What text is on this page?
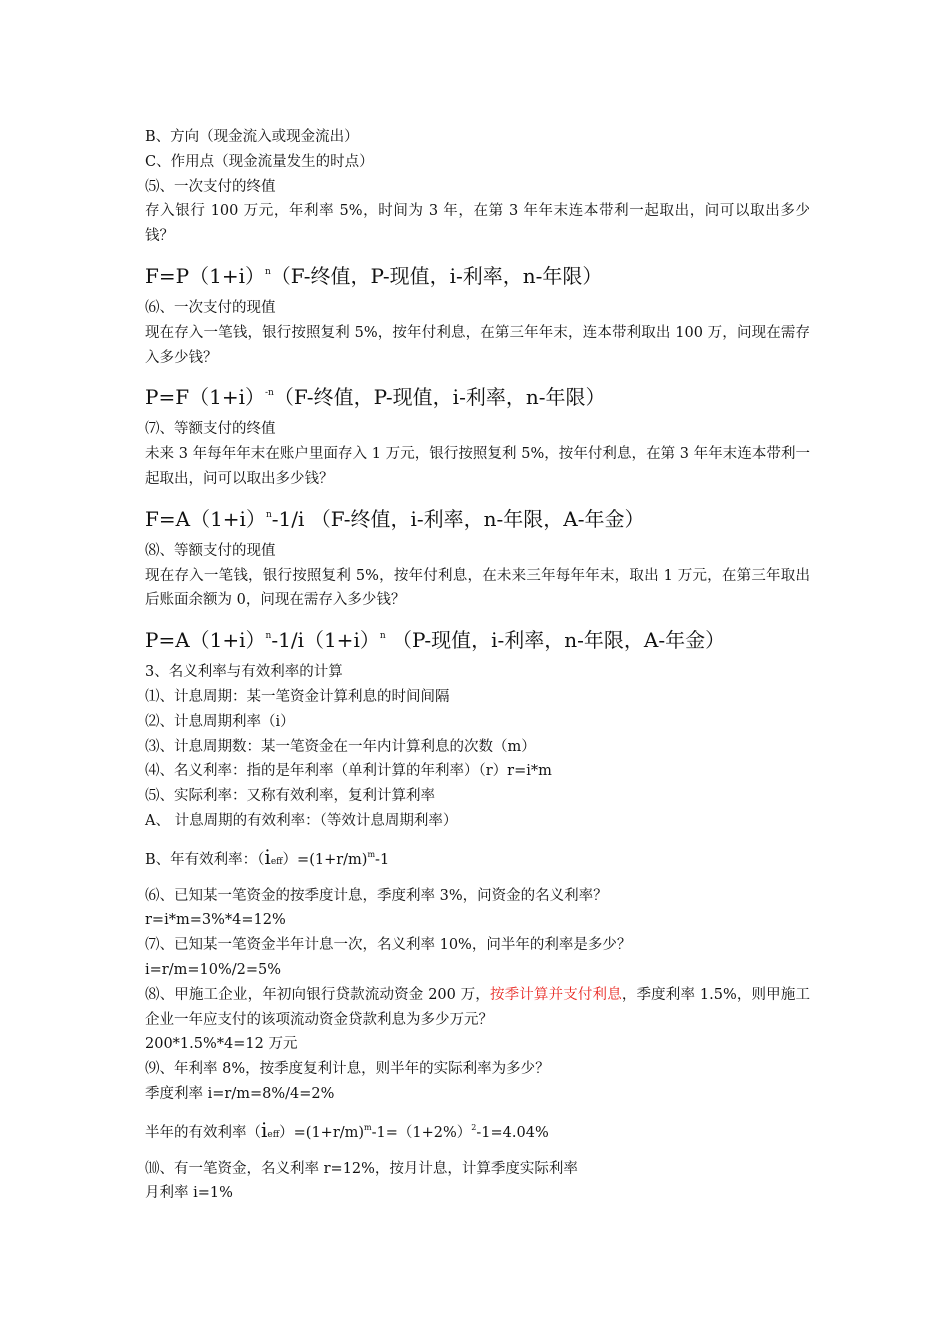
B、方向（现金流入或现金流出）

C、作用点（现金流量发生的时点）

⑸、一次支付的终值

存入银行 100 万元，年利率 5%，时间为 3 年，在第 3 年年末连本带利一起取出，问可以取出多少钱？

$F=P(1+i)^n(F-$终值，P-现值，i-利率，n-年限）

⑹、一次支付的现值

现在存入一笔钱，银行按照复利 5%，按年付利息，在第三年年末，连本带利取出 100 万，问现在需存入多少钱？

$P=F(1+i)^{-n}(F-$终值，P-现值，i-利率，n-年限）

⑺、等额支付的终值

未来 3 年每年年末在账户里面存入 1 万元，银行按照复利 5%，按年付利息，在第 3 年年末连本带利一起取出，问可以取出多少钱？

$F=A(1+i)^n-1/i$ （F-终值，i-利率，n-年限，A-年金）

⑻、等额支付的现值

现在存入一笔钱，银行按照复利 5%，按年付利息，在未来三年每年年末，取出 1 万元，在第三年取出后账面余额为 0，问现在需存入多少钱？

$P=A(1+i)^n-1/i(1+i)^n$ （P-现值，i-利率，n-年限，A-年金）

3、名义利率与有效利率的计算

⑴、计息周期：某一笔资金计算利息的时间间隔

⑵、计息周期利率（i）

⑶、计息周期数：某一笔资金在一年内计算利息的次数（m）

⑷、名义利率：指的是年利率（单利计算的年利率）（r）r=i*m

⑸、实际利率：又称有效利率，复利计算利率

A、 计息周期的有效利率：（等效计息周期利率）

B、年有效利率：$(ieff)=(1+r/m)^m-1$

⑹、已知某一笔资金的按季度计息，季度利率 3%，问资金的名义利率？

r=i*m=3%*4=12%

⑺、已知某一笔资金半年计息一次，名义利率 10%，问半年的利率是多少？

i=r/m=10%/2=5%

⑻、甲施工企业，年初向银行贷款流动资金 200 万，按季计算并支付利息，季度利率 1.5%，则甲施工企业一年应支付的该项流动资金贷款利息为多少万元？

200*1.5%*4=12 万元

⑼、年利率 8%，按季度复利计息，则半年的实际利率为多少？

季度利率 i=r/m=8%/4=2%

半年的有效利率$(ieff)=(1+r/m)^m-1=(1+2\%)^2-1=4.04\%$

⑽、有一笔资金，名义利率 r=12%，按月计息，计算季度实际利率

月利率 i=1%
